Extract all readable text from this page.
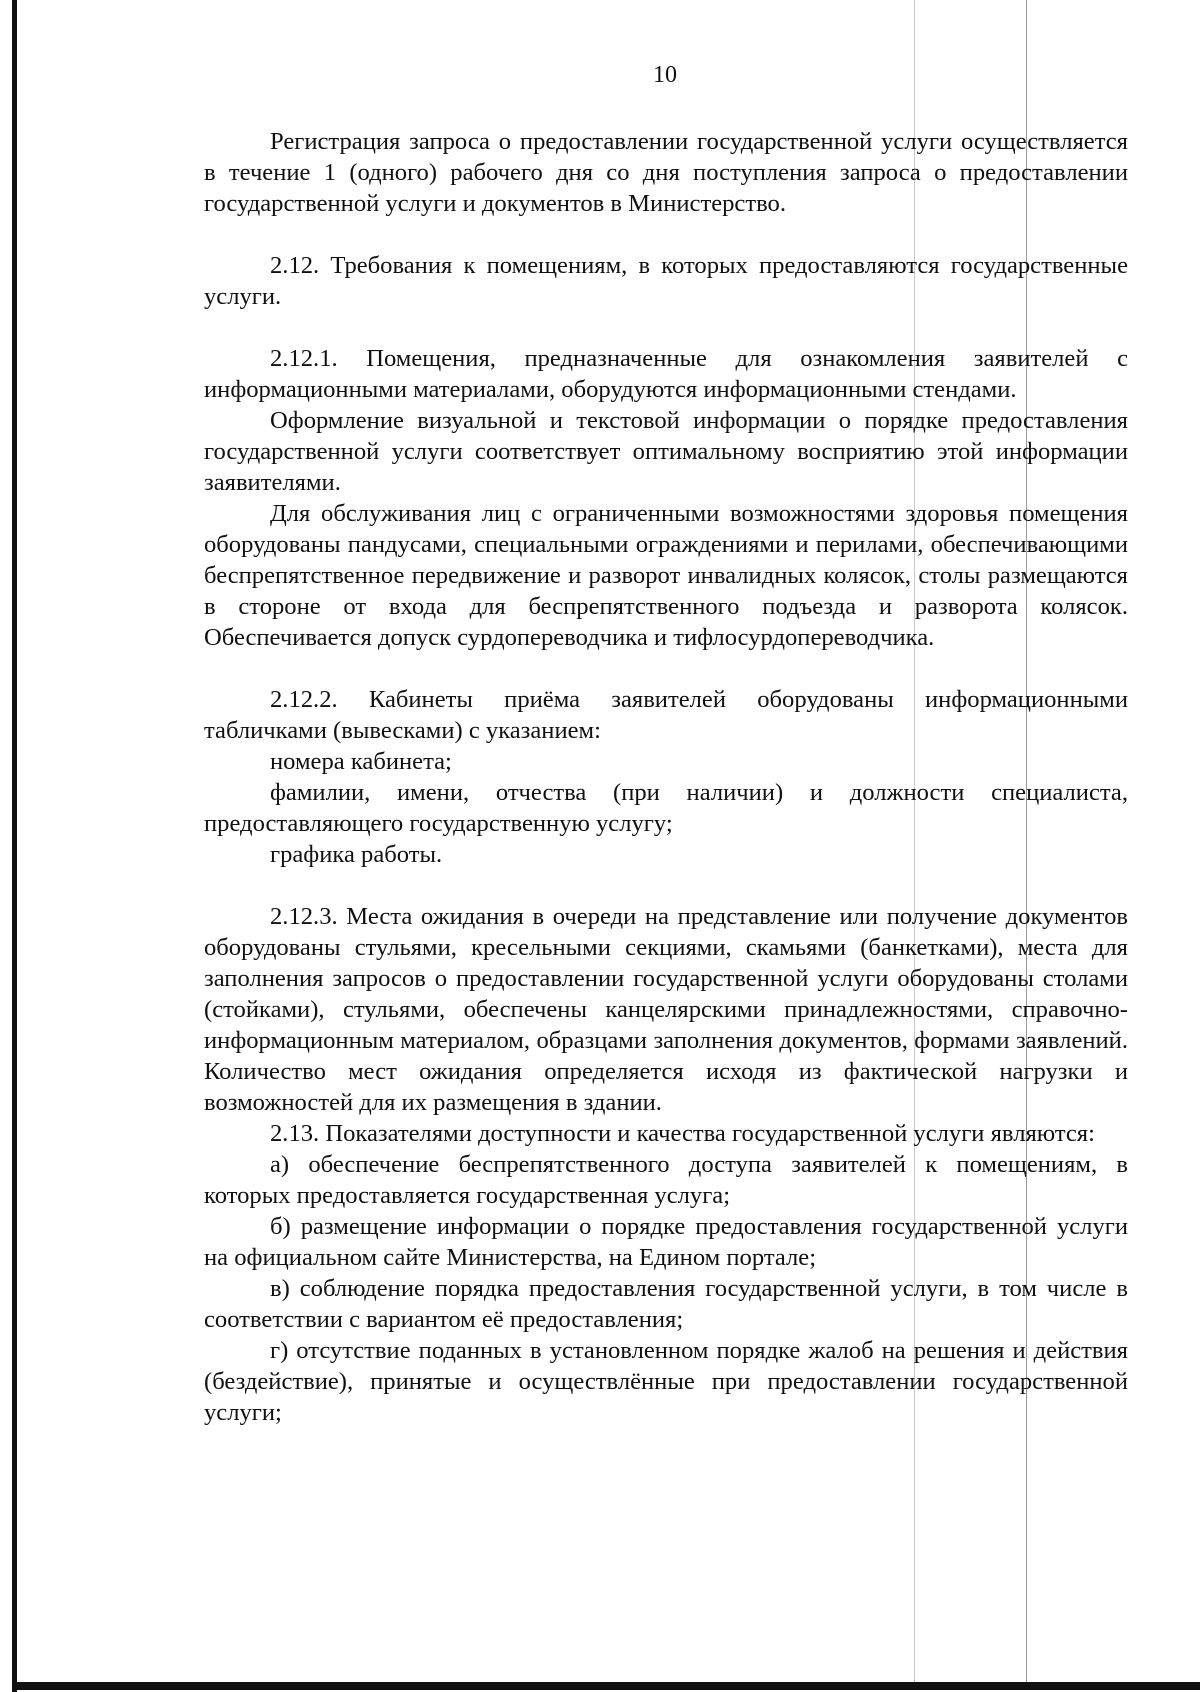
10

Регистрация запроса о предоставлении государственной услуги осуществляется в течение 1 (одного) рабочего дня со дня поступления запроса о предоставлении государственной услуги и документов в Министерство.

2.12. Требования к помещениям, в которых предоставляются государственные услуги.

2.12.1. Помещения, предназначенные для ознакомления заявителей с информационными материалами, оборудуются информационными стендами.

Оформление визуальной и текстовой информации о порядке предоставления государственной услуги соответствует оптимальному восприятию этой информации заявителями.

Для обслуживания лиц с ограниченными возможностями здоровья помещения оборудованы пандусами, специальными ограждениями и перилами, обеспечивающими беспрепятственное передвижение и разворот инвалидных колясок, столы размещаются в стороне от входа для беспрепятственного подъезда и разворота колясок. Обеспечивается допуск сурдопереводчика и тифлосурдопереводчика.

2.12.2. Кабинеты приёма заявителей оборудованы информационными табличками (вывесками) с указанием:

номера кабинета;

фамилии, имени, отчества (при наличии) и должности специалиста, предоставляющего государственную услугу;

графика работы.

2.12.3. Места ожидания в очереди на представление или получение документов оборудованы стульями, кресельными секциями, скамьями (банкетками), места для заполнения запросов о предоставлении государственной услуги оборудованы столами (стойками), стульями, обеспечены канцелярскими принадлежностями, справочно-информационным материалом, образцами заполнения документов, формами заявлений. Количество мест ожидания определяется исходя из фактической нагрузки и возможностей для их размещения в здании.

2.13. Показателями доступности и качества государственной услуги являются:

а) обеспечение беспрепятственного доступа заявителей к помещениям, в которых предоставляется государственная услуга;

б) размещение информации о порядке предоставления государственной услуги на официальном сайте Министерства, на Едином портале;

в) соблюдение порядка предоставления государственной услуги, в том числе в соответствии с вариантом её предоставления;

г) отсутствие поданных в установленном порядке жалоб на решения и действия (бездействие), принятые и осуществлённые при предоставлении государственной услуги;
